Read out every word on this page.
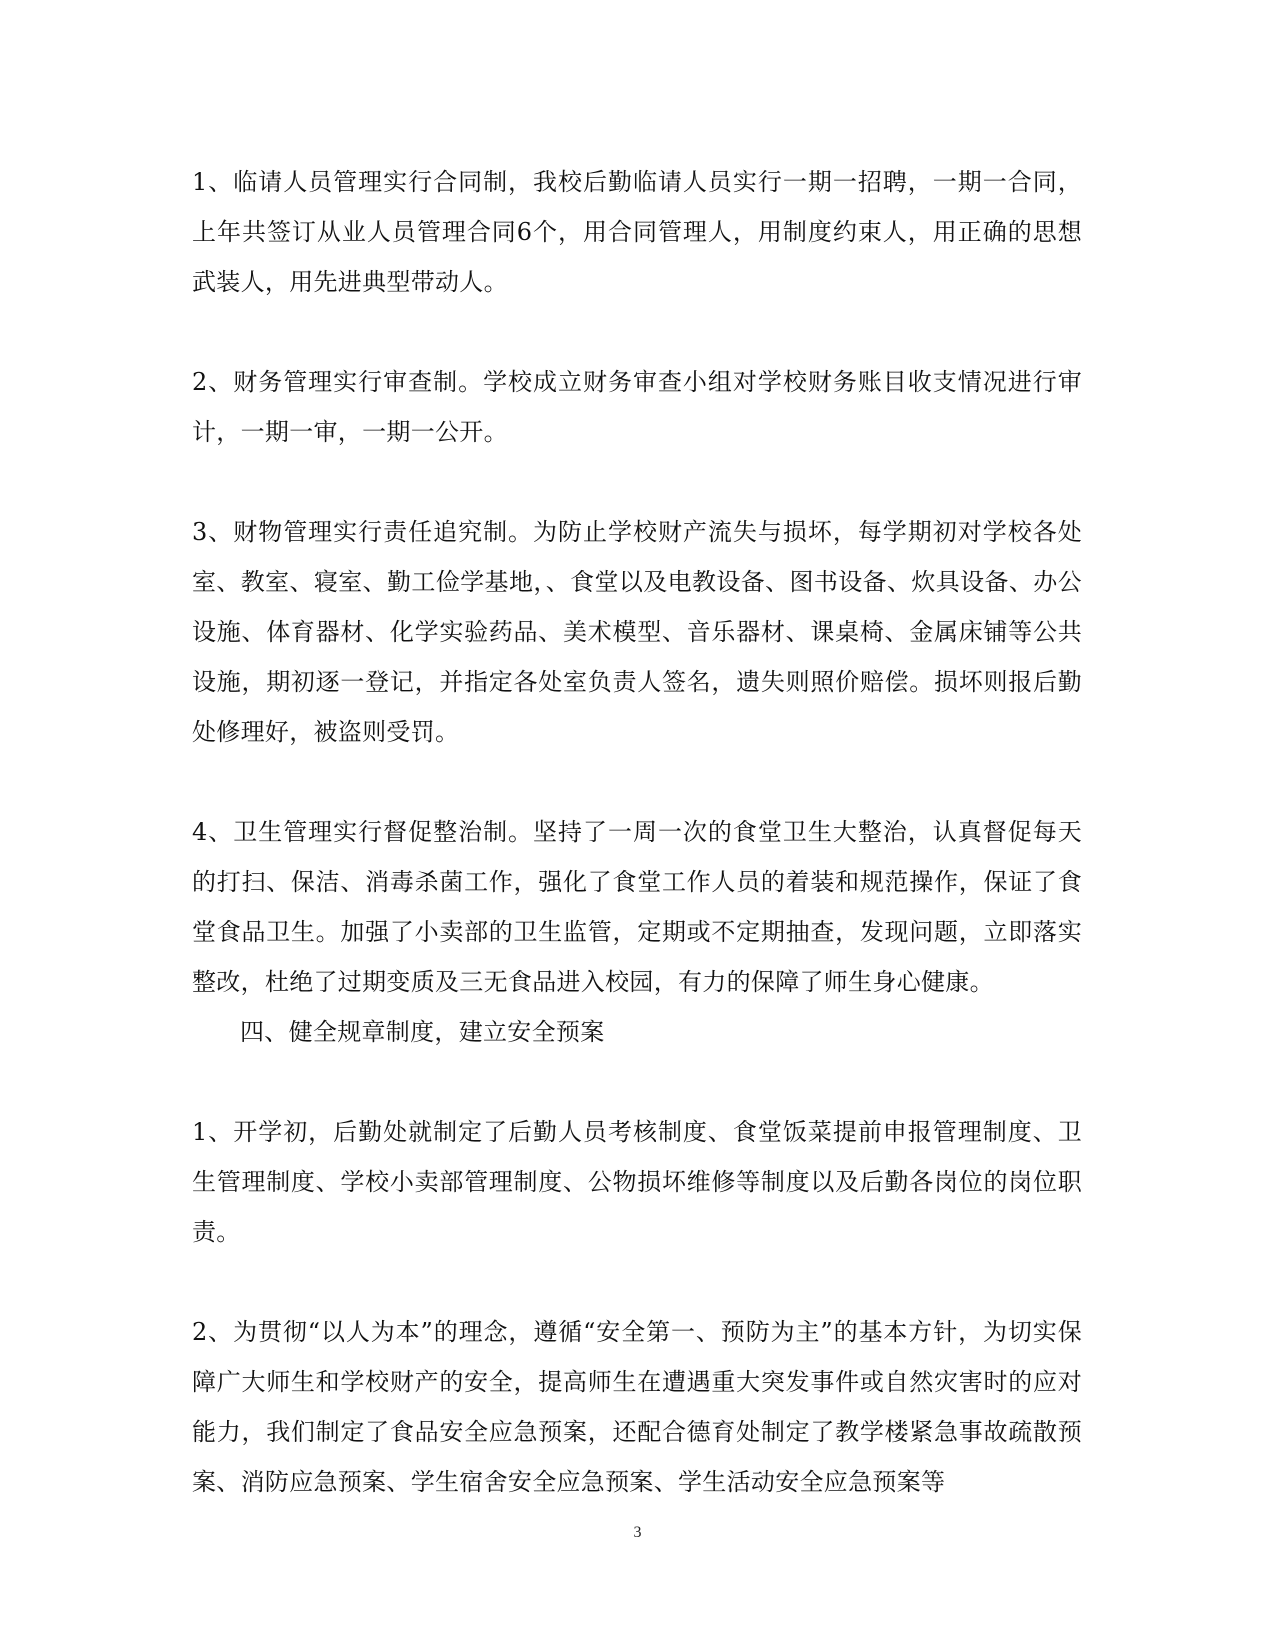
1、临请人员管理实行合同制，我校后勤临请人员实行一期一招聘，一期一合同，上年共签订从业人员管理合同6个，用合同管理人，用制度约束人，用正确的思想武装人，用先进典型带动人。

2、财务管理实行审查制。学校成立财务审查小组对学校财务账目收支情况进行审计，一期一审，一期一公开。

3、财物管理实行责任追究制。为防止学校财产流失与损坏，每学期初对学校各处室、教室、寝室、勤工俭学基地，、食堂以及电教设备、图书设备、炊具设备、办公设施、体育器材、化学实验药品、美术模型、音乐器材、课桌椅、金属床铺等公共设施，期初逐一登记，并指定各处室负责人签名，遗失则照价赔偿。损坏则报后勤处修理好，被盗则受罚。

4、卫生管理实行督促整治制。坚持了一周一次的食堂卫生大整治，认真督促每天的打扫、保洁、消毒杀菌工作，强化了食堂工作人员的着装和规范操作，保证了食堂食品卫生。加强了小卖部的卫生监管，定期或不定期抽查，发现问题，立即落实整改，杜绝了过期变质及三无食品进入校园，有力的保障了师生身心健康。

四、健全规章制度，建立安全预案

1、开学初，后勤处就制定了后勤人员考核制度、食堂饭菜提前申报管理制度、卫生管理制度、学校小卖部管理制度、公物损坏维修等制度以及后勤各岗位的岗位职责。

2、为贯彻“以人为本”的理念，遵循“安全第一、预防为主”的基本方针，为切实保障广大师生和学校财产的安全，提高师生在遭遇重大突发事件或自然灾害时的应对能力，我们制定了食品安全应急预案，还配合德育处制定了教学楼紧急事故疏散预案、消防应急预案、学生宿舍安全应急预案、学生活动安全应急预案等

3
